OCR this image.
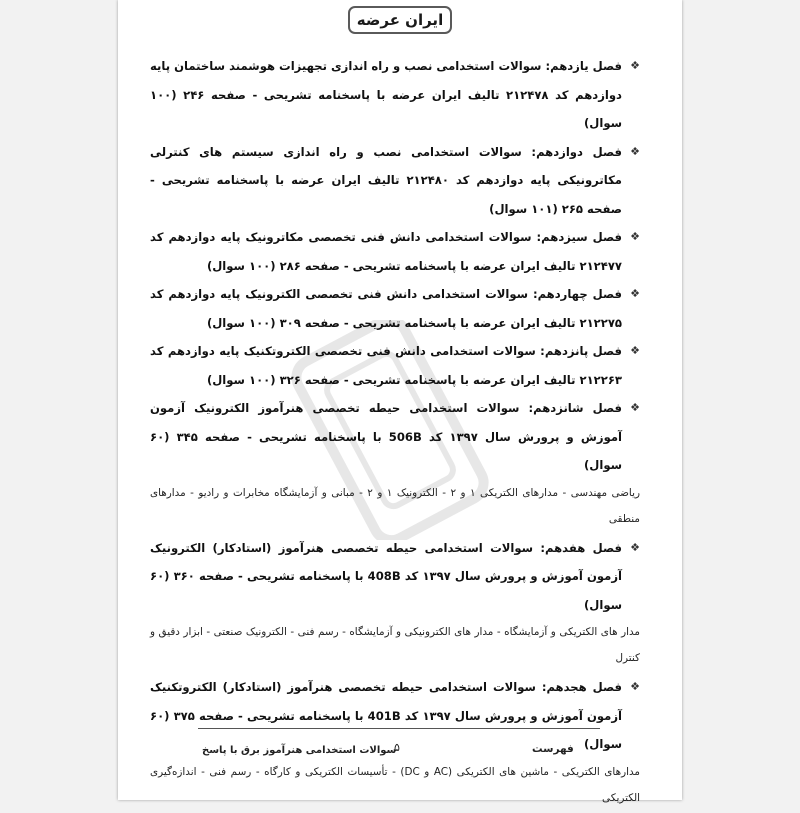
ایران عرضه
❖
فصل یازدهم: سوالات استخدامی نصب و راه اندازی تجهیزات هوشمند ساختمان پایه دوازدهم کد ۲۱۲۴۷۸ تالیف ایران عرضه با پاسخنامه تشریحی - صفحه ۲۴۶ (۱۰۰ سوال)
❖
فصل دوازدهم: سوالات استخدامی نصب و راه اندازی سیستم های کنترلی مکاترونیکی پایه دوازدهم کد ۲۱۲۴۸۰ تالیف ایران عرضه با پاسخنامه تشریحی - صفحه ۲۶۵ (۱۰۱ سوال)
❖
فصل سیزدهم: سوالات استخدامی دانش فنی تخصصی مکاترونیک پایه دوازدهم کد ۲۱۲۴۷۷ تالیف ایران عرضه با پاسخنامه تشریحی - صفحه ۲۸۶ (۱۰۰ سوال)
❖
فصل چهاردهم: سوالات استخدامی دانش فنی تخصصی الکترونیک پایه دوازدهم کد ۲۱۲۲۷۵ تالیف ایران عرضه با پاسخنامه تشریحی - صفحه ۳۰۹ (۱۰۰ سوال)
❖
فصل پانزدهم: سوالات استخدامی دانش فنی تخصصی الکتروتکنیک پایه دوازدهم کد ۲۱۲۲۶۳ تالیف ایران عرضه با پاسخنامه تشریحی - صفحه ۳۲۶ (۱۰۰ سوال)
❖
فصل شانزدهم: سوالات استخدامی حیطه تخصصی هنرآموز الکترونیک آزمون آموزش و پرورش سال ۱۳۹۷ کد 506B با پاسخنامه تشریحی - صفحه ۳۴۵ (۶۰ سوال)
ریاضی مهندسی - مدارهای الکتریکی ۱ و ۲ - الکترونیک ۱ و ۲ - مبانی و آزمایشگاه مخابرات و رادیو - مدارهای منطقی
❖
فصل هفدهم: سوالات استخدامی حیطه تخصصی هنرآموز (استادکار) الکترونیک آزمون آموزش و پرورش سال ۱۳۹۷ کد 408B با پاسخنامه تشریحی - صفحه ۳۶۰ (۶۰ سوال)
مدار های الکتریکی و آزمایشگاه - مدار های الکترونیکی و آزمایشگاه - رسم فنی - الکترونیک صنعتی - ابزار دقیق و کنترل
❖
فصل هجدهم: سوالات استخدامی حیطه تخصصی هنرآموز (استادکار) الکتروتکنیک آزمون آموزش و پرورش سال ۱۳۹۷ کد 401B با پاسخنامه تشریحی - صفحه ۳۷۵ (۶۰ سوال)
مدارهای الکتریکی - ماشین های الکتریکی (AC و DC) - تأسیسات الکتریکی و کارگاه - رسم فنی - اندازه‌گیری الکتریکی
فهرست
۵
سوالات استخدامی هنرآموز برق با پاسخ
